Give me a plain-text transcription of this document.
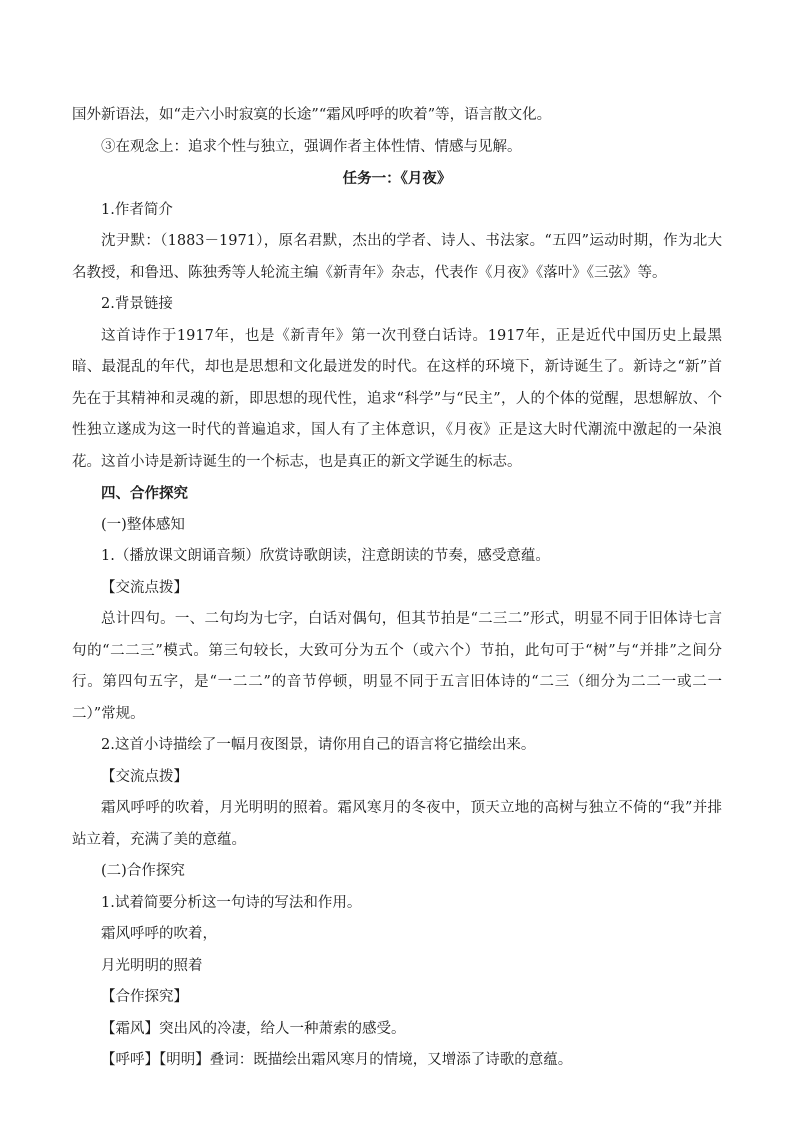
国外新语法，如“走六小时寂寞的长途”“霜风呼呼的吹着”等，语言散文化。

③在观念上：追求个性与独立，强调作者主体性情、情感与见解。

任务一：《月夜》

1.作者简介

沈尹默：（1883－1971），原名君默，杰出的学者、诗人、书法家。“五四”运动时期，作为北大名教授，和鲁迅、陈独秀等人轮流主编《新青年》杂志，代表作《月夜》《落叶》《三弦》等。

2.背景链接

这首诗作于1917年，也是《新青年》第一次刊登白话诗。1917年，正是近代中国历史上最黑暗、最混乱的年代，却也是思想和文化最迸发的时代。在这样的环境下，新诗诞生了。新诗之“新”首先在于其精神和灵魂的新，即思想的现代性，追求“科学”与“民主”，人的个体的觉醒，思想解放、个性独立遂成为这一时代的普遍追求，国人有了主体意识，《月夜》正是这大时代潮流中激起的一朵浪花。这首小诗是新诗诞生的一个标志，也是真正的新文学诞生的标志。

四、合作探究

(一)整体感知

1.（播放课文朗诵音频）欣赏诗歌朗读，注意朗读的节奏，感受意蕴。

【交流点拨】

总计四句。一、二句均为七字，白话对偶句，但其节拍是“二三二”形式，明显不同于旧体诗七言句的“二二三”模式。第三句较长，大致可分为五个（或六个）节拍，此句可于“树”与“并排”之间分行。第四句五字，是“一二二”的音节停顿，明显不同于五言旧体诗的“二三（细分为二二一或二一二）”常规。

2.这首小诗描绘了一幅月夜图景，请你用自己的语言将它描绘出来。

【交流点拨】

霜风呼呼的吹着，月光明明的照着。霜风寒月的冬夜中，顶天立地的高树与独立不倚的“我”并排站立着，充满了美的意蕴。

(二)合作探究

1.试着简要分析这一句诗的写法和作用。

霜风呼呼的吹着，

月光明明的照着

【合作探究】

【霜风】突出风的冷凄，给人一种萧索的感受。

【呼呼】【明明】叠词：既描绘出霜风寒月的情境，又增添了诗歌的意蕴。
